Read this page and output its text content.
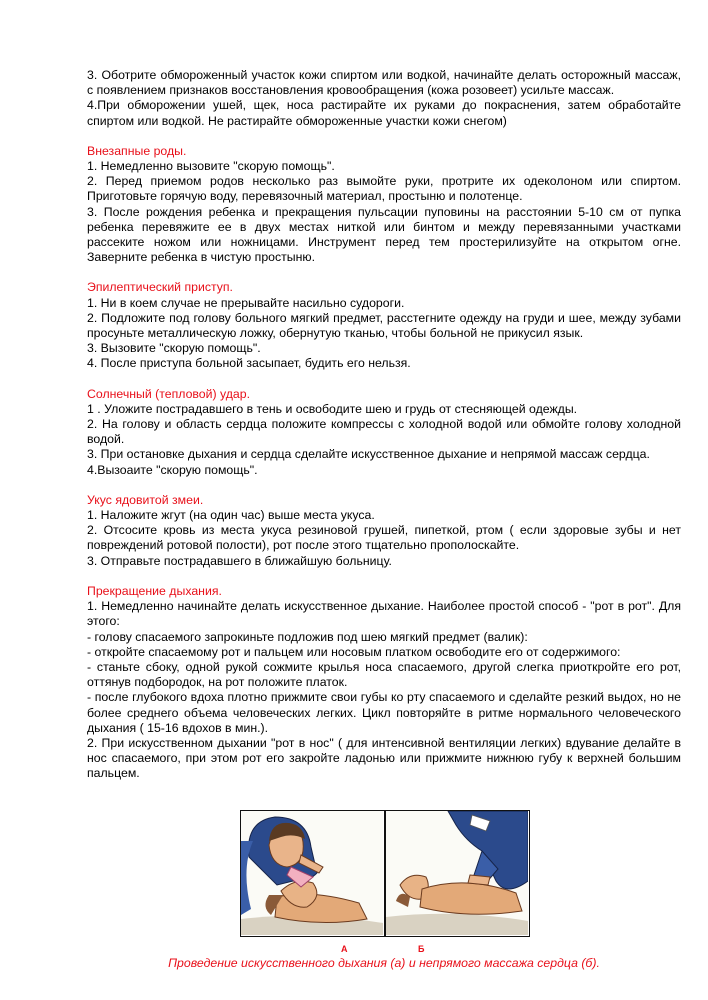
3. Оботрите обмороженный участок кожи спиртом или водкой, начинайте делать осторожный массаж, с появлением признаков восстановления кровообращения (кожа розовеет) усильте массаж.

4.При обморожении ушей, щек, носа растирайте их руками до покраснения, затем обработайте спиртом или водкой. Не растирайте обмороженные участки кожи снегом)

Внезапные роды.

1. Немедленно вызовите "скорую помощь".

2. Перед приемом родов несколько раз вымойте руки, протрите их одеколоном или спиртом. Приготовьте горячую воду, перевязочный материал, простыню и полотенце.

3. После рождения ребенка и прекращения пульсации пуповины на расстоянии 5-10 см от пупка ребенка перевяжите ее в двух местах ниткой или бинтом и между перевязанными участками рассеките ножом или ножницами. Инструмент перед тем простерилизуйте на открытом огне. Заверните ребенка в чистую простыню.

Эпилептический приступ.

1. Ни в коем случае не прерывайте насильно судороги.

2. Подложите под голову больного мягкий предмет, расстегните одежду на груди и шее, между зубами просуньте металлическую ложку, обернутую тканью, чтобы больной не прикусил язык.

3. Вызовите "скорую помощь".

4. После приступа больной засыпает, будить его нельзя.

Солнечный (тепловой) удар.

1 . Уложите пострадавшего в тень и освободите шею и грудь от стесняющей одежды.

2. На голову и область сердца положите компрессы с холодной водой или обмойте голову холодной водой.

3. При остановке дыхания и сердца сделайте искусственное дыхание и непрямой массаж сердца.

4.Вызоаите "скорую помощь".

Укус ядовитой змеи.

1. Наложите жгут (на один час) выше места укуса.

2. Отсосите кровь из места укуса резиновой грушей, пипеткой, ртом ( если здоровые зубы и нет повреждений ротовой полости), рот после этого тщательно прополоскайте.

3. Отправьте пострадавшего в ближайшую больницу.

Прекращение дыхания.

1. Немедленно начинайте делать искусственное дыхание. Наиболее простой способ - "рот в рот". Для этого:

- голову спасаемого запрокиньте подложив под шею мягкий предмет (валик):

- откройте спасаемому рот и пальцем или носовым платком освободите его от содержимого:

- станьте сбоку, одной рукой сожмите крылья носа спасаемого, другой слегка приоткройте его рот, оттянув подбородок, на рот положите платок.

- после глубокого вдоха плотно прижмите свои губы ко рту спасаемого и сделайте резкий выдох, но не более среднего объема человеческих легких. Цикл повторяйте в ритме нормального человеческого дыхания ( 15-16 вдохов в мин.).

2. При искусственном дыхании "рот в нос" ( для интенсивной вентиляции легких) вдувание делайте в нос спасаемого, при этом рот его закройте ладонью или прижмите нижнюю губу к верхней большим пальцем.

А	Б
Проведение искусственного дыхания (а) и непрямого массажа сердца (б).
